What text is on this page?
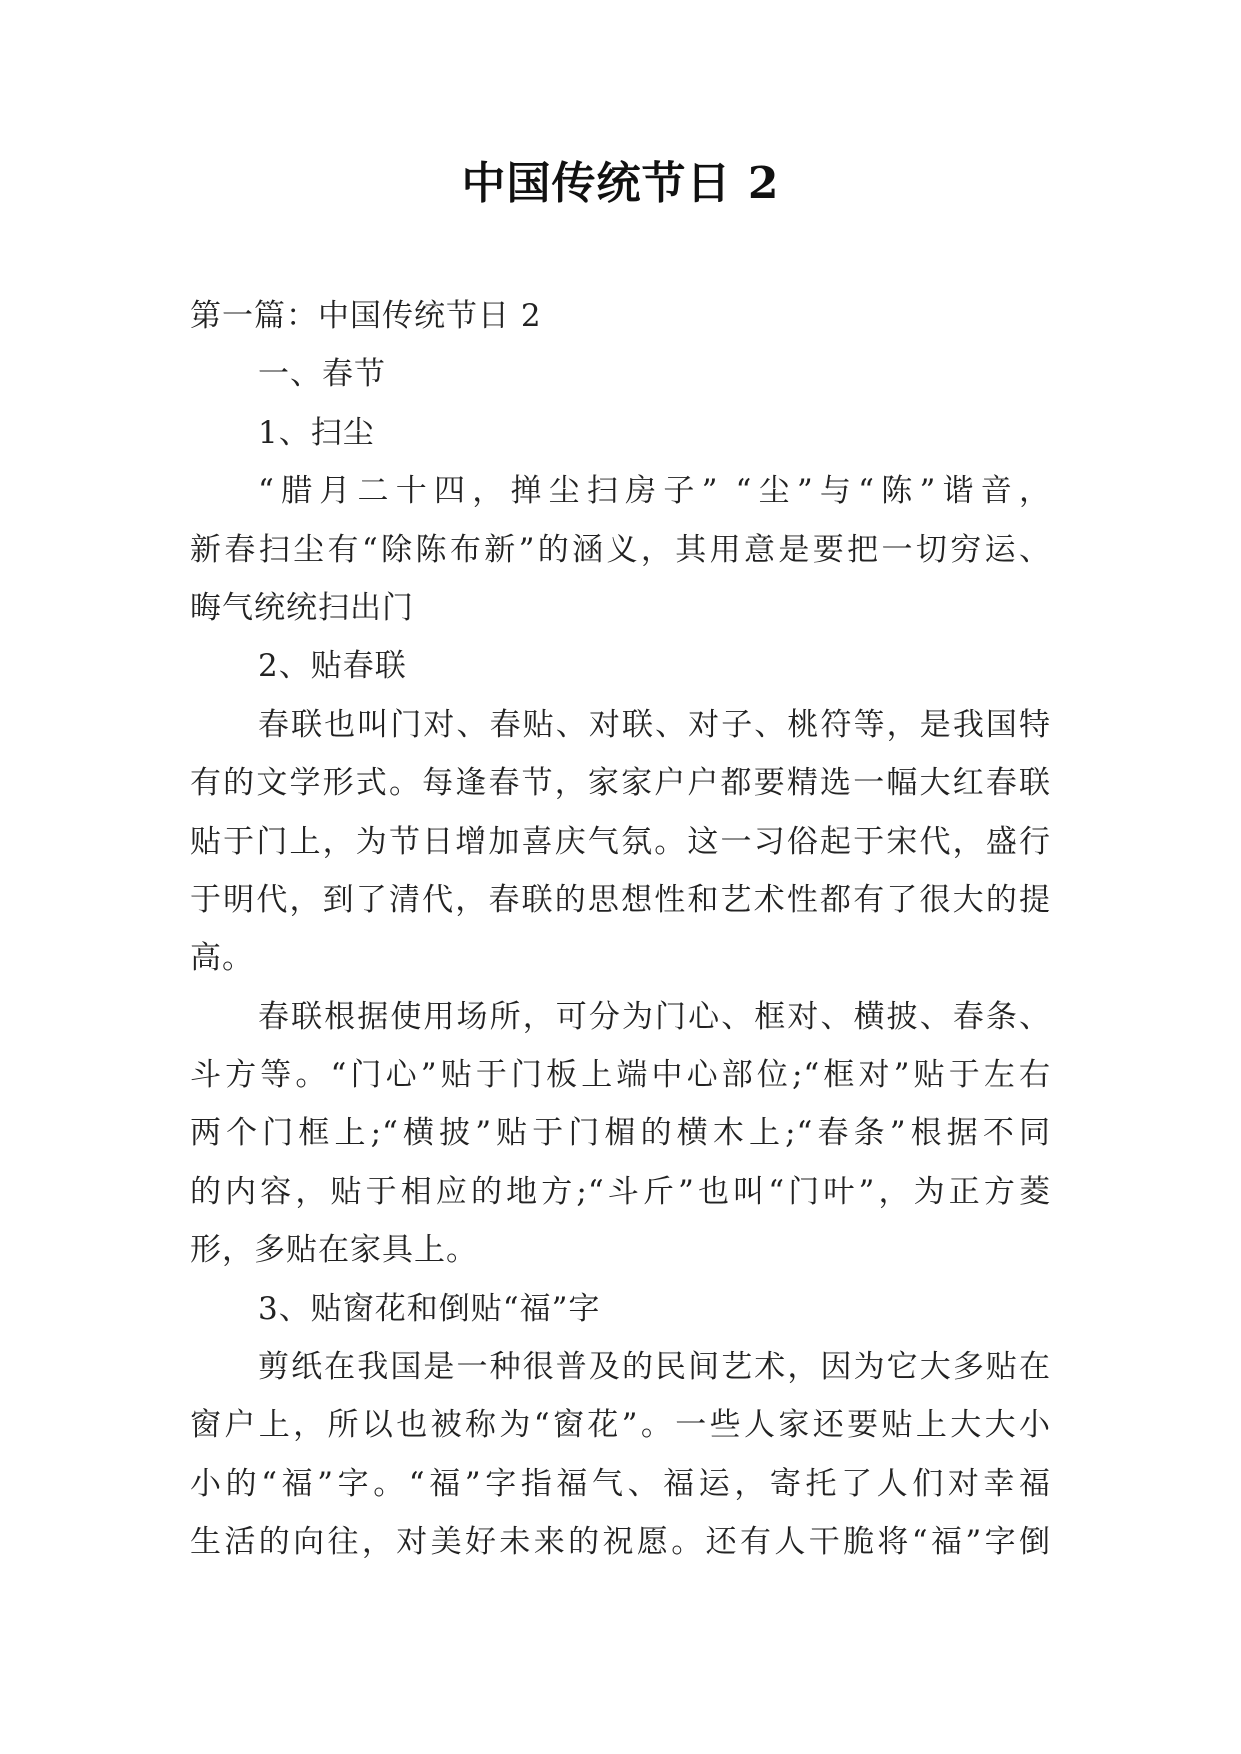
中国传统节日 2
第一篇：中国传统节日 2
一、春节
1、扫尘
“腊月二十四，掸尘扫房子” “尘”与“陈”谐音，
新春扫尘有“除陈布新”的涵义，其用意是要把一切穷运、
晦气统统扫出门
2、贴春联
春联也叫门对、春贴、对联、对子、桃符等，是我国特
有的文学形式。每逢春节，家家户户都要精选一幅大红春联
贴于门上，为节日增加喜庆气氛。这一习俗起于宋代，盛行
于明代，到了清代，春联的思想性和艺术性都有了很大的提
高。
春联根据使用场所，可分为门心、框对、横披、春条、
斗方等。“门心”贴于门板上端中心部位;“框对”贴于左右
两个门框上;“横披”贴于门楣的横木上;“春条”根据不同
的内容，贴于相应的地方;“斗斤”也叫“门叶”，为正方菱
形，多贴在家具上。
3、贴窗花和倒贴“福”字
剪纸在我国是一种很普及的民间艺术，因为它大多贴在
窗户上，所以也被称为“窗花”。一些人家还要贴上大大小
小的“福”字。“福”字指福气、福运，寄托了人们对幸福
生活的向往，对美好未来的祝愿。还有人干脆将“福”字倒
